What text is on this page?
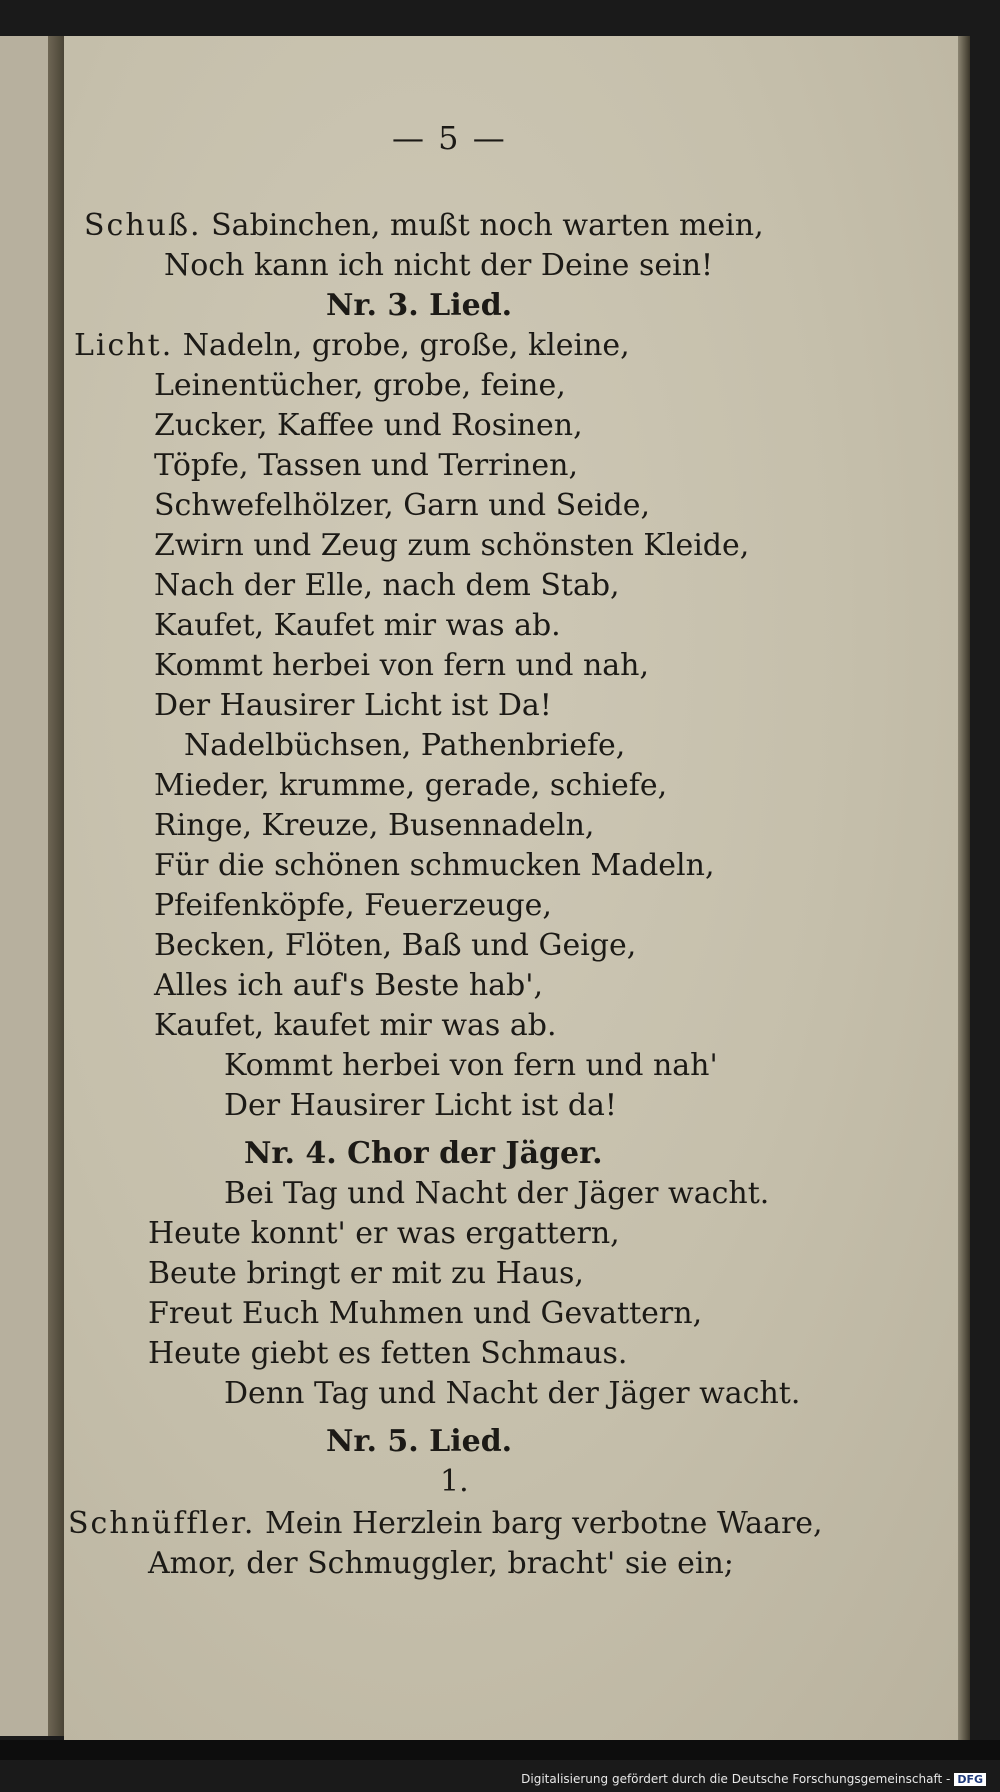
— 5 —
Schuß. Sabinchen, mußt noch warten mein,
Noch kann ich nicht der Deine sein!
Nr. 3. Lied.
Licht. Nadeln, grobe, große, kleine,
Leinentücher, grobe, feine,
Zucker, Kaffee und Rosinen,
Töpfe, Tassen und Terrinen,
Schwefelhölzer, Garn und Seide,
Zwirn und Zeug zum schönsten Kleide,
Nach der Elle, nach dem Stab,
Kaufet, Kaufet mir was ab.
Kommt herbei von fern und nah,
Der Hausirer Licht ist Da!
Nadelbüchsen, Pathenbriefe,
Mieder, krumme, gerade, schiefe,
Ringe, Kreuze, Busennadeln,
Für die schönen schmucken Madeln,
Pfeifenköpfe, Feuerzeuge,
Becken, Flöten, Baß und Geige,
Alles ich auf's Beste hab',
Kaufet, kaufet mir was ab.
Kommt herbei von fern und nah'
Der Hausirer Licht ist da!
Nr. 4. Chor der Jäger.
Bei Tag und Nacht der Jäger wacht.
Heute konnt' er was ergattern,
Beute bringt er mit zu Haus,
Freut Euch Muhmen und Gevattern,
Heute giebt es fetten Schmaus.
Denn Tag und Nacht der Jäger wacht.
Nr. 5. Lied.
1.
Schnüffler. Mein Herzlein barg verbotne Waare,
Amor, der Schmuggler, bracht' sie ein;
Digitalisierung gefördert durch die Deutsche Forschungsgemeinschaft - DFG
